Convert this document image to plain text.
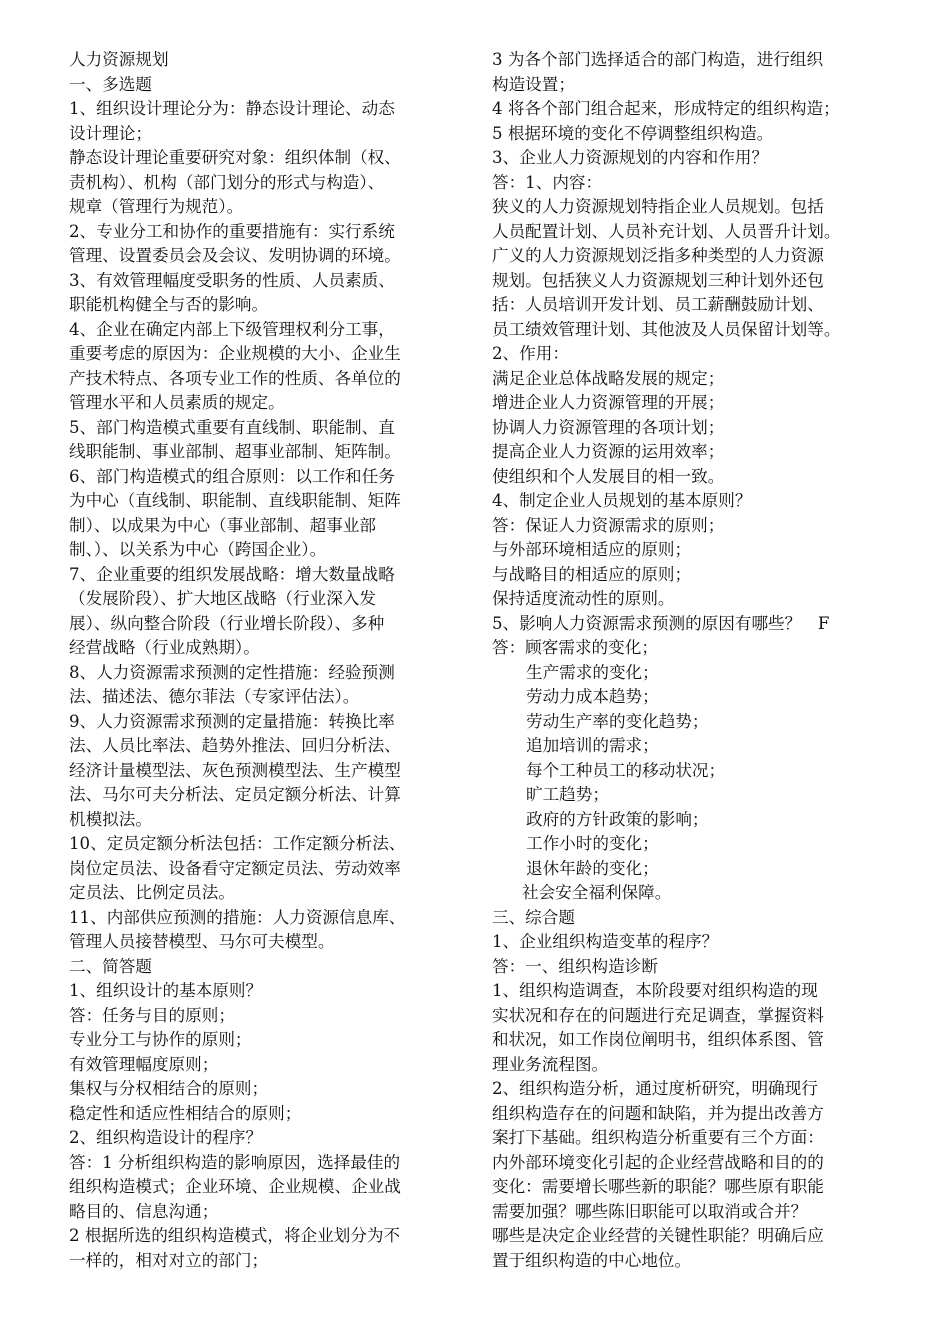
人力资源规划
一、多选题
1、组织设计理论分为：静态设计理论、动态
设计理论；
静态设计理论重要研究对象：组织体制（权、
责机构）、机构（部门划分的形式与构造）、
规章（管理行为规范）。
2、专业分工和协作的重要措施有：实行系统
管理、设置委员会及会议、发明协调的环境。
3、有效管理幅度受职务的性质、人员素质、
职能机构健全与否的影响。
4、企业在确定内部上下级管理权利分工事，
重要考虑的原因为：企业规模的大小、企业生
产技术特点、各项专业工作的性质、各单位的
管理水平和人员素质的规定。
5、部门构造模式重要有直线制、职能制、直
线职能制、事业部制、超事业部制、矩阵制。
6、部门构造模式的组合原则：以工作和任务
为中心（直线制、职能制、直线职能制、矩阵
制）、以成果为中心（事业部制、超事业部
制、）、以关系为中心（跨国企业）。
7、企业重要的组织发展战略：增大数量战略
（发展阶段）、扩大地区战略（行业深入发
展）、纵向整合阶段（行业增长阶段）、多种
经营战略（行业成熟期）。
8、人力资源需求预测的定性措施：经验预测
法、描述法、德尔菲法（专家评估法）。
9、人力资源需求预测的定量措施：转换比率
法、人员比率法、趋势外推法、回归分析法、
经济计量模型法、灰色预测模型法、生产模型
法、马尔可夫分析法、定员定额分析法、计算
机模拟法。
10、定员定额分析法包括：工作定额分析法、
岗位定员法、设备看守定额定员法、劳动效率
定员法、比例定员法。
11、内部供应预测的措施：人力资源信息库、
管理人员接替模型、马尔可夫模型。
二、简答题
1、组织设计的基本原则？
答：任务与目的原则；
专业分工与协作的原则；
有效管理幅度原则；
集权与分权相结合的原则；
稳定性和适应性相结合的原则；
2、组织构造设计的程序？
答：1 分析组织构造的影响原因，选择最佳的
组织构造模式；企业环境、企业规模、企业战
略目的、信息沟通；
2 根据所选的组织构造模式，将企业划分为不
一样的，相对对立的部门；
3 为各个部门选择适合的部门构造，进行组织
构造设置；
4 将各个部门组合起来，形成特定的组织构造；
5 根据环境的变化不停调整组织构造。
3、企业人力资源规划的内容和作用？
答：1、内容：
狭义的人力资源规划特指企业人员规划。包括
人员配置计划、人员补充计划、人员晋升计划。
广义的人力资源规划泛指多种类型的人力资源
规划。包括狭义人力资源规划三种计划外还包
括：人员培训开发计划、员工薪酬鼓励计划、
员工绩效管理计划、其他波及人员保留计划等。
2、作用：
满足企业总体战略发展的规定；
增进企业人力资源管理的开展；
协调人力资源管理的各项计划；
提高企业人力资源的运用效率；
使组织和个人发展目的相一致。
4、制定企业人员规划的基本原则？
答：保证人力资源需求的原则；
与外部环境相适应的原则；
与战略目的相适应的原则；
保持适度流动性的原则。
5、影响人力资源需求预测的原因有哪些？　F
答：顾客需求的变化；
生产需求的变化；
劳动力成本趋势；
劳动生产率的变化趋势；
追加培训的需求；
每个工种员工的移动状况；
旷工趋势；
政府的方针政策的影响；
工作小时的变化；
退休年龄的变化；
社会安全福利保障。
三、综合题
1、企业组织构造变革的程序？
答：一、组织构造诊断
1、组织构造调查，本阶段要对组织构造的现
实状况和存在的问题进行充足调查，掌握资料
和状况，如工作岗位阐明书，组织体系图、管
理业务流程图。
2、组织构造分析，通过度析研究，明确现行
组织构造存在的问题和缺陷，并为提出改善方
案打下基础。组织构造分析重要有三个方面：
内外部环境变化引起的企业经营战略和目的的
变化：需要增长哪些新的职能？哪些原有职能
需要加强？哪些陈旧职能可以取消或合并？
哪些是决定企业经营的关键性职能？明确后应
置于组织构造的中心地位。
